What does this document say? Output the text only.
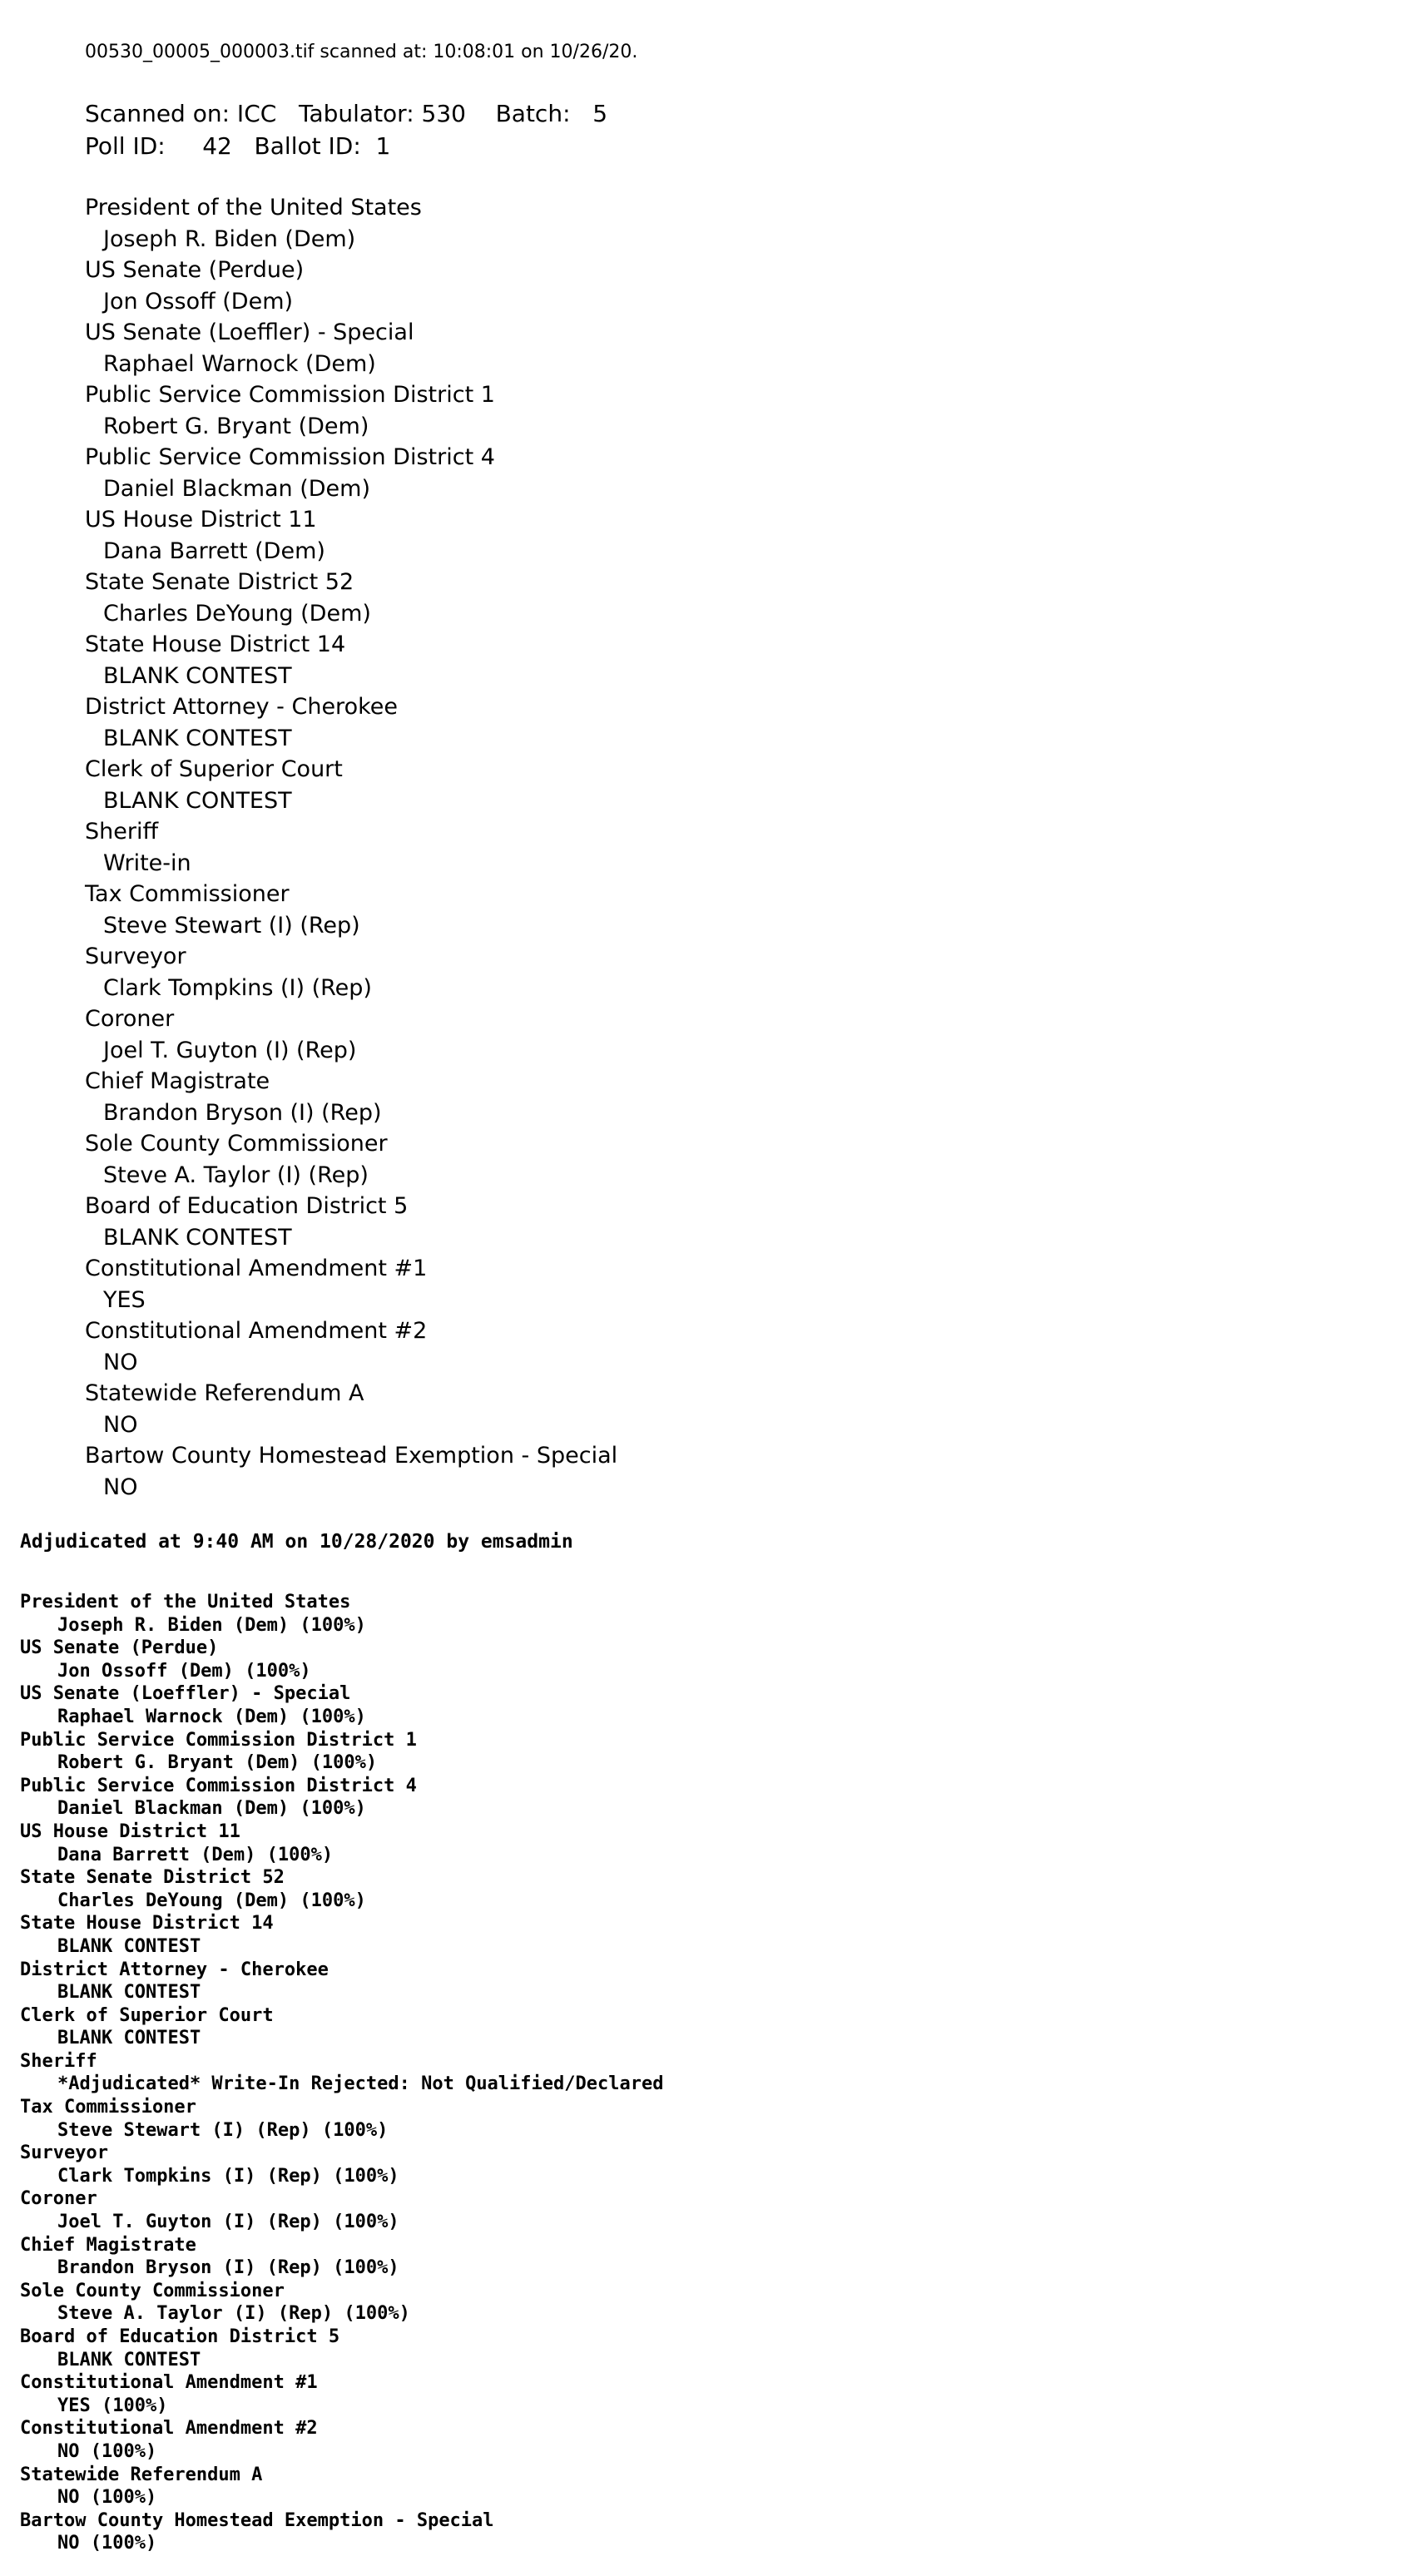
00530_00005_000003.tif scanned at: 10:08:01 on 10/26/20.
Scanned on: ICC   Tabulator: 530    Batch:   5
Poll ID:     42   Ballot ID:  1
President of the United States
Joseph R. Biden (Dem)
US Senate (Perdue)
Jon Ossoff (Dem)
US Senate (Loeffler) - Special
Raphael Warnock (Dem)
Public Service Commission District 1
Robert G. Bryant (Dem)
Public Service Commission District 4
Daniel Blackman (Dem)
US House District 11
Dana Barrett (Dem)
State Senate District 52
Charles DeYoung (Dem)
State House District 14
BLANK CONTEST
District Attorney - Cherokee
BLANK CONTEST
Clerk of Superior Court
BLANK CONTEST
Sheriff
Write-in
Tax Commissioner
Steve Stewart (I) (Rep)
Surveyor
Clark Tompkins (I) (Rep)
Coroner
Joel T. Guyton (I) (Rep)
Chief Magistrate
Brandon Bryson (I) (Rep)
Sole County Commissioner
Steve A. Taylor (I) (Rep)
Board of Education District 5
BLANK CONTEST
Constitutional Amendment #1
YES
Constitutional Amendment #2
NO
Statewide Referendum A
NO
Bartow County Homestead Exemption - Special
NO
Adjudicated at 9:40 AM on 10/28/2020 by emsadmin
President of the United States
Joseph R. Biden (Dem) (100%)
US Senate (Perdue)
Jon Ossoff (Dem) (100%)
US Senate (Loeffler) - Special
Raphael Warnock (Dem) (100%)
Public Service Commission District 1
Robert G. Bryant (Dem) (100%)
Public Service Commission District 4
Daniel Blackman (Dem) (100%)
US House District 11
Dana Barrett (Dem) (100%)
State Senate District 52
Charles DeYoung (Dem) (100%)
State House District 14
BLANK CONTEST
District Attorney - Cherokee
BLANK CONTEST
Clerk of Superior Court
BLANK CONTEST
Sheriff
*Adjudicated* Write-In Rejected: Not Qualified/Declared
Tax Commissioner
Steve Stewart (I) (Rep) (100%)
Surveyor
Clark Tompkins (I) (Rep) (100%)
Coroner
Joel T. Guyton (I) (Rep) (100%)
Chief Magistrate
Brandon Bryson (I) (Rep) (100%)
Sole County Commissioner
Steve A. Taylor (I) (Rep) (100%)
Board of Education District 5
BLANK CONTEST
Constitutional Amendment #1
YES (100%)
Constitutional Amendment #2
NO (100%)
Statewide Referendum A
NO (100%)
Bartow County Homestead Exemption - Special
NO (100%)
